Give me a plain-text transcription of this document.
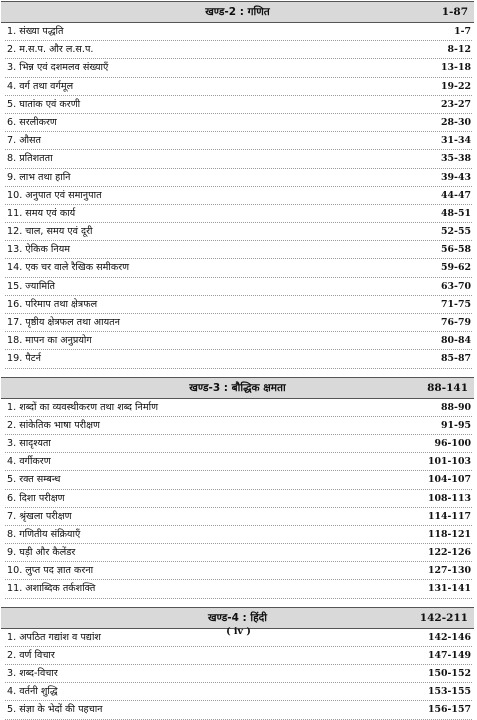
खण्ड-2 : गणित	1-87
1. संख्या पद्धति	1-7
2. म.स.प. और ल.स.प.	8-12
3. भिन्न एवं दशमलव संख्याएँ	13-18
4. वर्ग तथा वर्गमूल	19-22
5. घातांक एवं करणी	23-27
6. सरलीकरण	28-30
7. औसत	31-34
8. प्रतिशतता	35-38
9. लाभ तथा हानि	39-43
10. अनुपात एवं समानुपात	44-47
11. समय एवं कार्य	48-51
12. चाल, समय एवं दूरी	52-55
13. ऐकिक नियम	56-58
14. एक चर वाले रैखिक समीकरण	59-62
15. ज्यामिति	63-70
16. परिमाप तथा क्षेत्रफल	71-75
17. पृष्ठीय क्षेत्रफल तथा आयतन	76-79
18. मापन का अनुप्रयोग	80-84
19. पैटर्न	85-87
खण्ड-3 : बौद्धिक क्षमता	88-141
1. शब्दों का व्यवस्थीकरण तथा शब्द निर्माण	88-90
2. सांकेतिक भाषा परीक्षण	91-95
3. सादृश्यता	96-100
4. वर्गीकरण	101-103
5. रक्त सम्बन्ध	104-107
6. दिशा परीक्षण	108-113
7. श्रृंखला परीक्षण	114-117
8. गणितीय संक्रियाएँ	118-121
9. घड़ी और कैलेंडर	122-126
10. लुप्त पद ज्ञात करना	127-130
11. अशाब्दिक तर्कशक्ति	131-141
खण्ड-4 : हिंदी	142-211
1. अपठित गद्यांश व पद्यांश	142-146
2. वर्ण विचार	147-149
3. शब्द-विचार	150-152
4. वर्तनी शुद्धि	153-155
5. संज्ञा के भेदों की पहचान	156-157
( iv )
